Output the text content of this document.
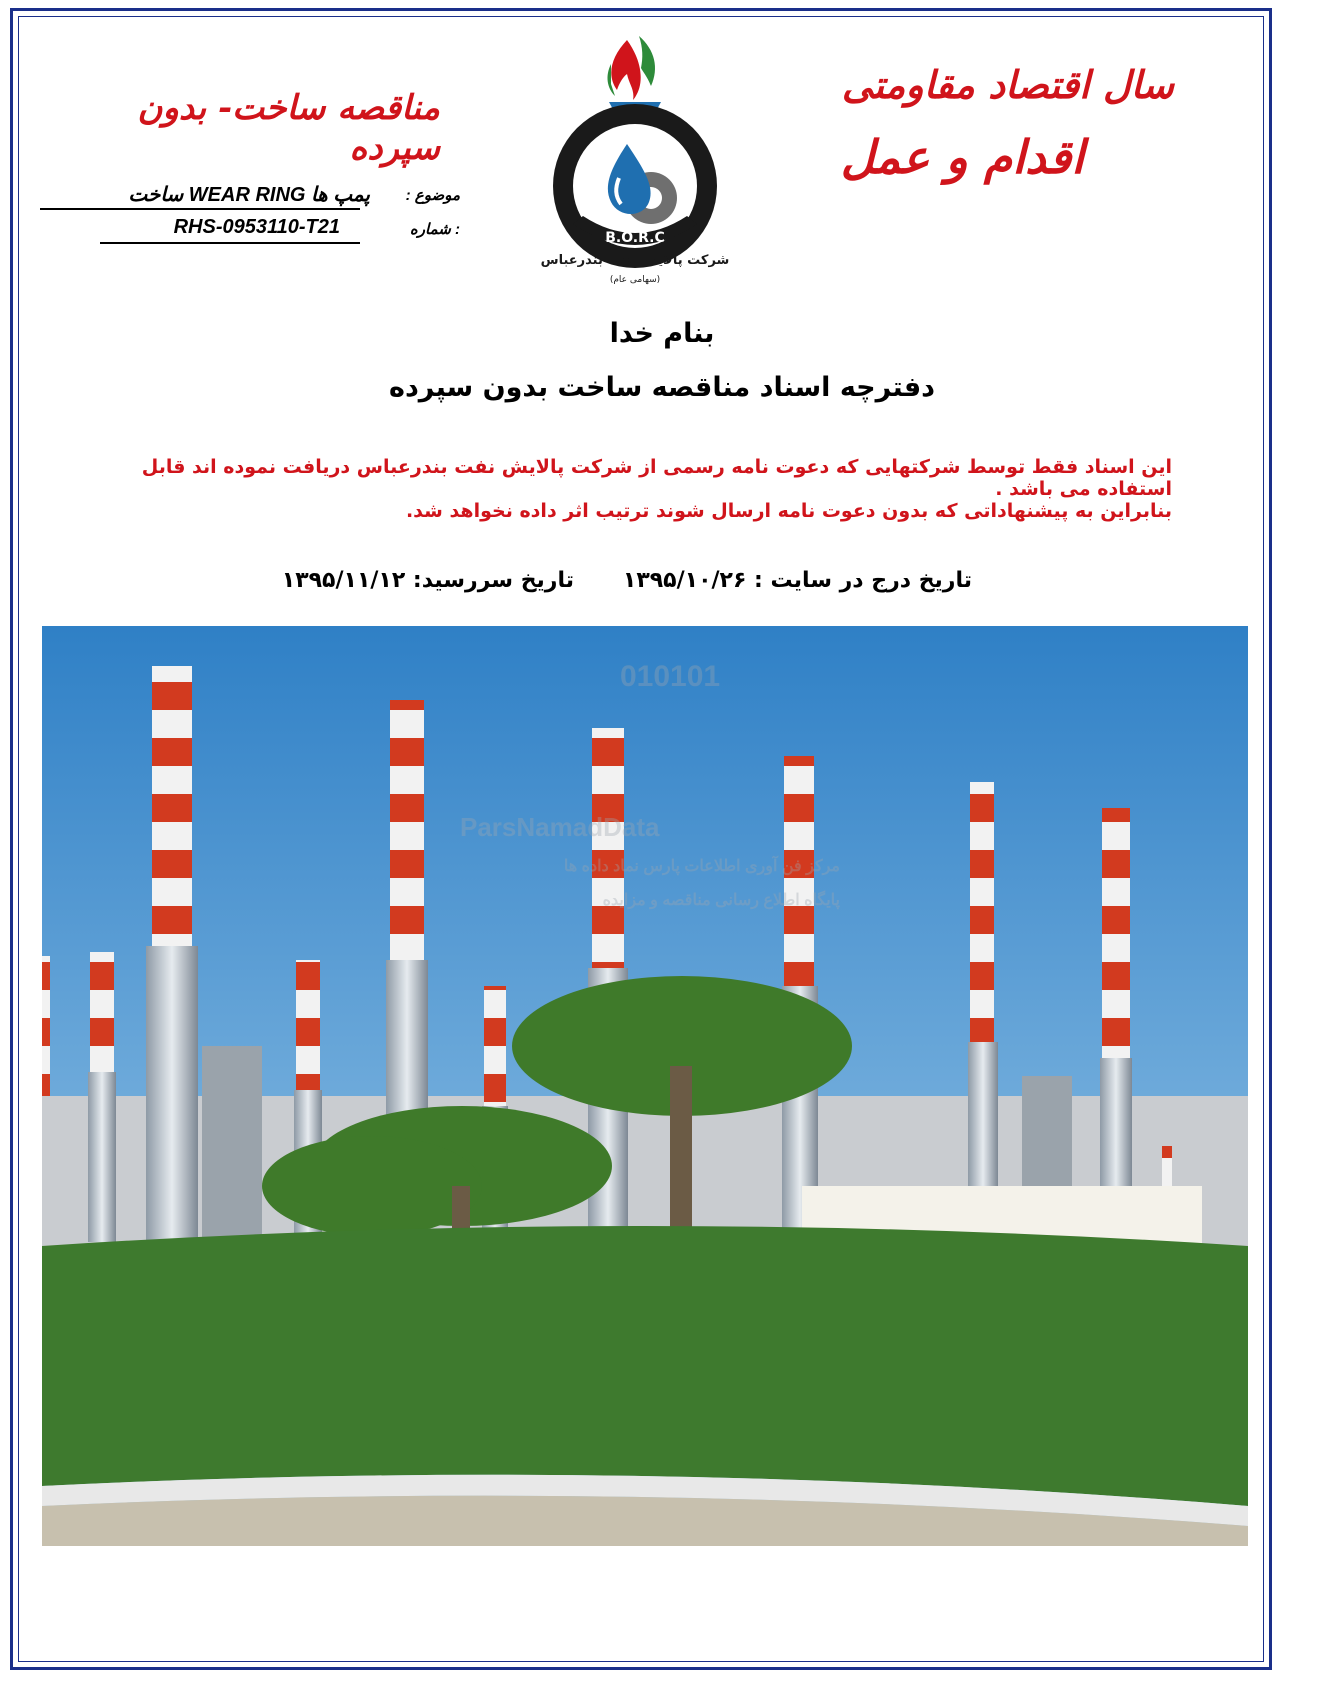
سال اقتصاد مقاومتی
اقدام و عمل
مناقصه ساخت- بدون سپرده
موضوع :
پمپ ها WEAR RING ساخت
: شماره
RHS-0953110-T21	B.O.R.C
شرکت پالایش نفت بندرعباس
(سهامی عام)
بنام خدا
دفترچه اسناد مناقصه ساخت بدون سپرده
این اسناد فقط توسط شرکتهایی که دعوت نامه رسمی از شرکت پالایش نفت بندرعباس دریافت نموده اند قابل استفاده می باشد .
بنابراین به پیشنهاداتی که بدون دعوت نامه ارسال شوند ترتیب اثر داده نخواهد شد.
تاریخ درج در سایت : ۱۳۹۵/۱۰/۲۶
تاریخ سررسید: ۱۳۹۵/۱۱/۱۲
010101
ParsNamadData
مرکز فن آوری اطلاعات پارس نماد داده ها
پایگاه اطلاع رسانی مناقصه و مزایده
